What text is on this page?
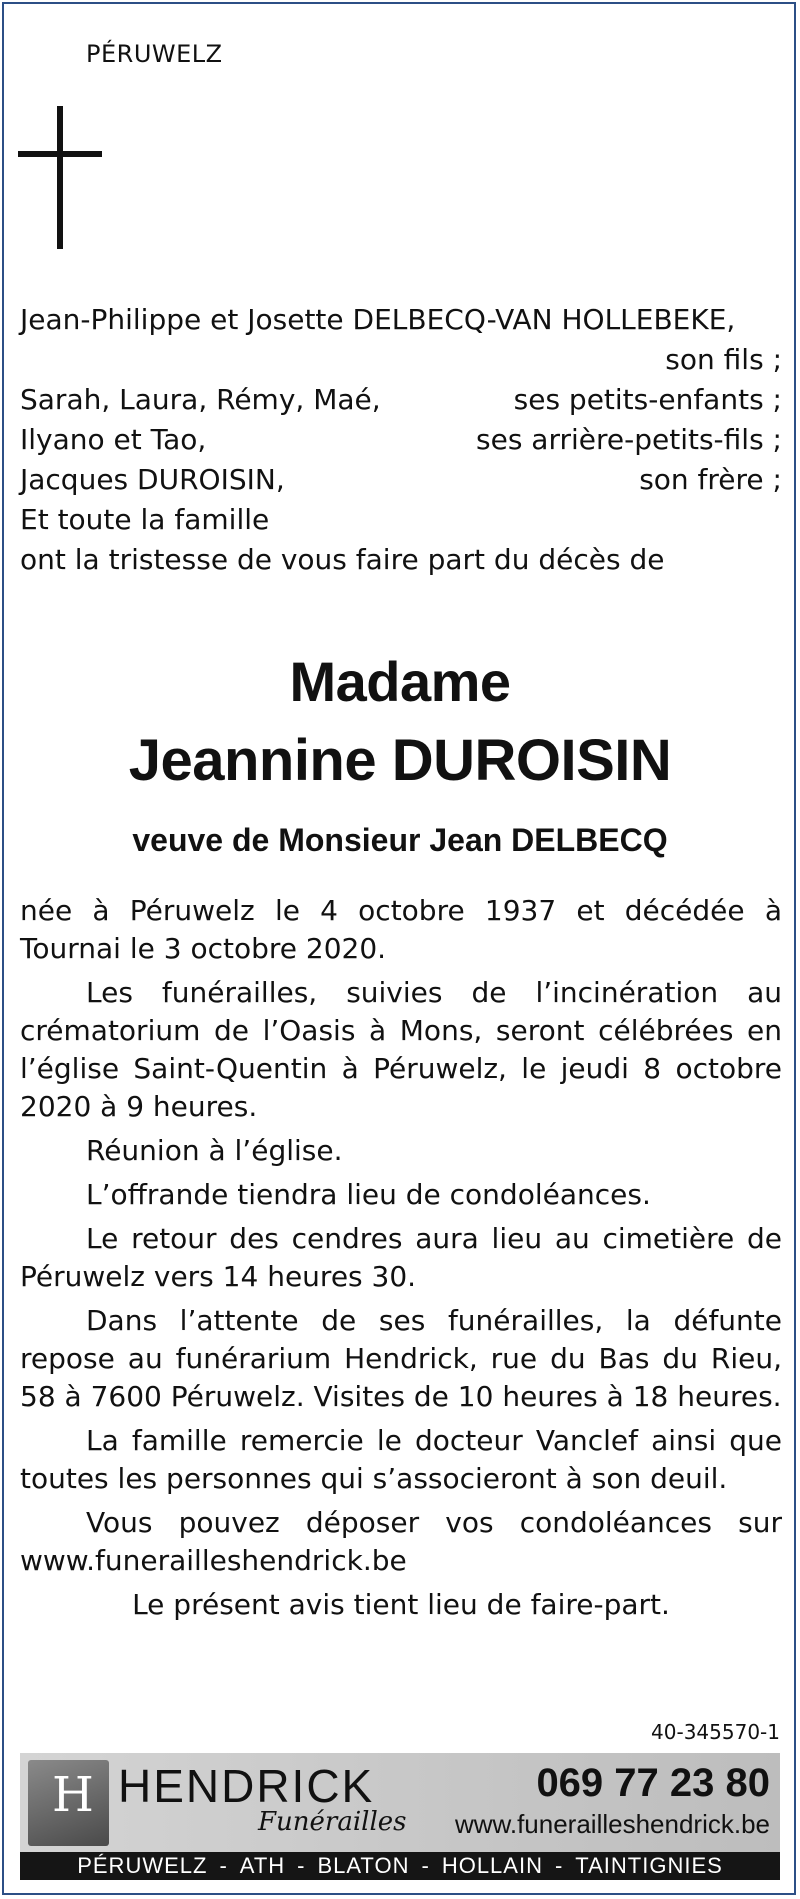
PÉRUWELZ
Jean-Philippe et Josette DELBECQ-VAN HOLLEBEKE,
son fils ;
Sarah, Laura, Rémy, Maé,	ses petits-enfants ;
Ilyano et Tao,	ses arrière-petits-fils ;
Jacques DUROISIN,	son frère ;
Et toute la famille
ont la tristesse de vous faire part du décès de
Madame
Jeannine DUROISIN
veuve de Monsieur Jean DELBECQ

née à Péruwelz le 4 octobre 1937 et décédée à Tournai le 3 octobre 2020.

Les funérailles, suivies de l’incinération au crématorium de l’Oasis à Mons, seront célébrées en l’église Saint-Quentin à Péruwelz, le jeudi 8 octobre 2020 à 9 heures.

Réunion à l’église.

L’offrande tiendra lieu de condoléances.

Le retour des cendres aura lieu au cimetière de Péruwelz vers 14 heures 30.

Dans l’attente de ses funérailles, la défunte repose au funérarium Hendrick, rue du Bas du Rieu, 58 à 7600 Péruwelz. Visites de 10 heures à 18 heures.

La famille remercie le docteur Vanclef ainsi que toutes les personnes qui s’associeront à son deuil.

Vous pouvez déposer vos condoléances sur www.funerailleshendrick.be

Le présent avis tient lieu de faire-part.

40-345570-1
H HENDRICK
Funérailles
069 77 23 80
www.funerailleshendrick.be
PÉRUWELZ - ATH - BLATON - HOLLAIN - TAINTIGNIES
